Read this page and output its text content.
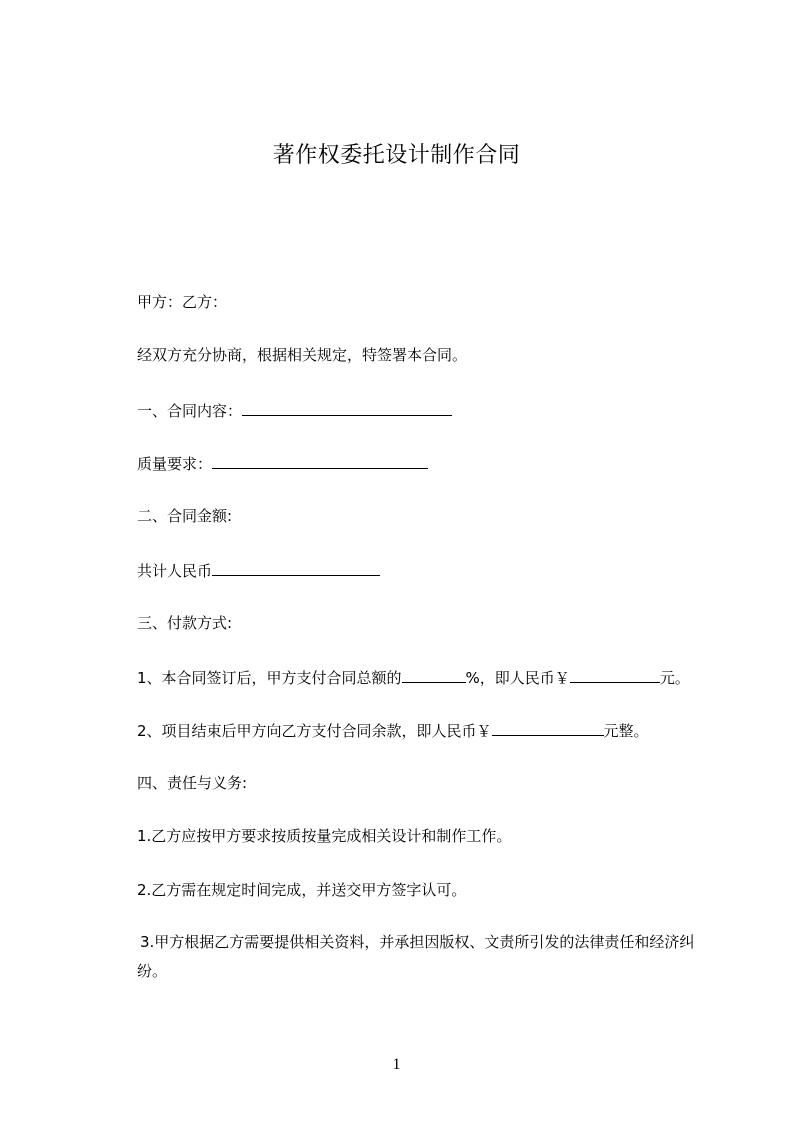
著作权委托设计制作合同
甲方：乙方：
经双方充分协商，根据相关规定，特签署本合同。
一、合同内容：
质量要求：
二、合同金额:
共计人民币
三、付款方式:
1、本合同签订后，甲方支付合同总额的	%，即人民币￥	元。
2、项目结束后甲方向乙方支付合同余款，即人民币￥	元整。
四、责任与义务:
1.乙方应按甲方要求按质按量完成相关设计和制作工作。
2.乙方需在规定时间完成，并送交甲方签字认可。
3.甲方根据乙方需要提供相关资料，并承担因版权、文责所引发的法律责任和经济纠纷。
1
